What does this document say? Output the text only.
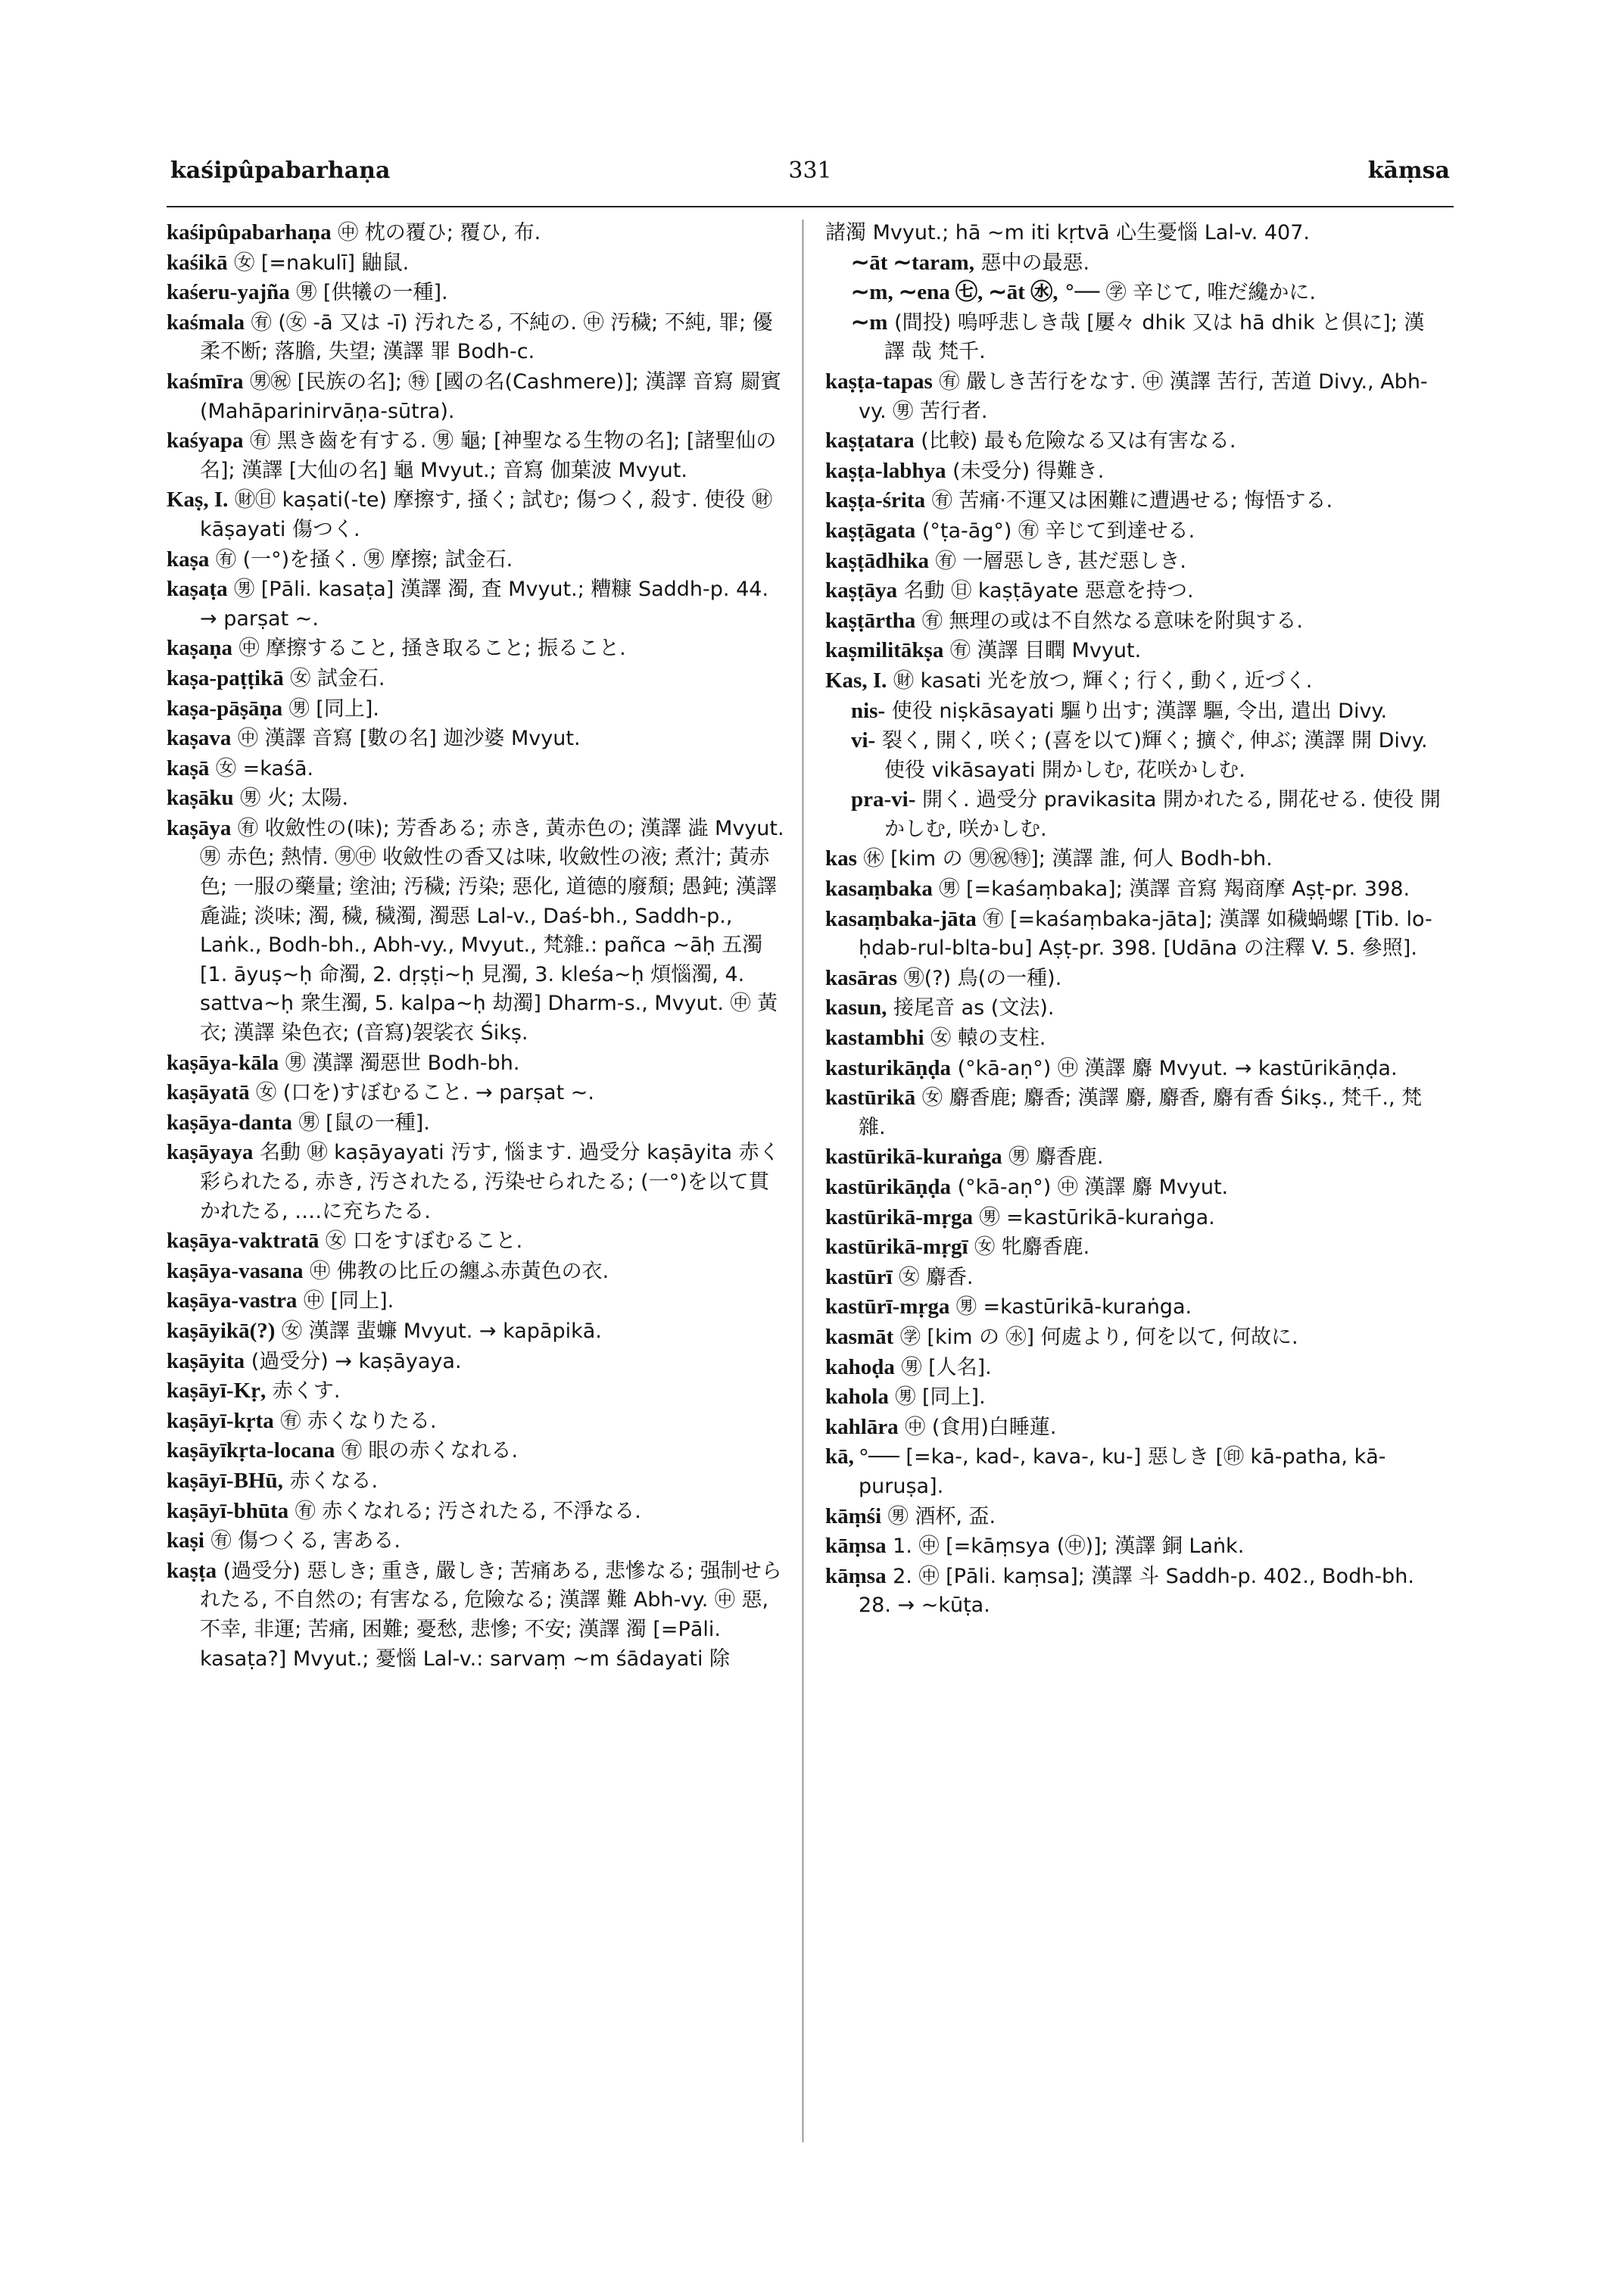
kaśipûpabarhaṇa	331	kāṃsa

kaśipûpabarhaṇa ㊥ 枕の覆ひ; 覆ひ, 布.

kaśikā ㊛ [=nakulī] 鼬鼠.

kaśeru-yajña ㊚ [供犧の一種].

kaśmala ㊒ (㊛ -ā 又は -ī) 汚れたる, 不純の. ㊥ 汚穢; 不純, 罪; 優柔不断; 落膽, 失望; 漢譯 罪 Bodh-c.

kaśmīra ㊚㊗ [民族の名]; ㊕ [國の名(Cashmere)]; 漢譯 音寫 罽賓 (Mahāparinirvāṇa-sūtra).

kaśyapa ㊒ 黑き齒を有する. ㊚ 龜; [神聖なる生物の名]; [諸聖仙の名]; 漢譯 [大仙の名] 龜 Mvyut.; 音寫 伽葉波 Mvyut.

Kaṣ, I. ㊖㊐ kaṣati(-te) 摩擦す, 掻く; 試む; 傷つく, 殺す. 使役 ㊖ kāṣayati 傷つく.

kaṣa ㊒ (一°)を掻く. ㊚ 摩擦; 試金石.

kaṣaṭa ㊚ [Pāli. kasaṭa] 漢譯 濁, 査 Mvyut.; 糟糠 Saddh-p. 44. → parṣat ∼.

kaṣaṇa ㊥ 摩擦すること, 掻き取ること; 振ること.

kaṣa-paṭṭikā ㊛ 試金石.

kaṣa-pāṣāṇa ㊚ [同上].

kaṣava ㊥ 漢譯 音寫 [數の名] 迦沙婆 Mvyut.

kaṣā ㊛ =kaśā.

kaṣāku ㊚ 火; 太陽.

kaṣāya ㊒ 收斂性の(味); 芳香ある; 赤き, 黃赤色の; 漢譯 澁 Mvyut. ㊚ 赤色; 熱情. ㊚㊥ 收斂性の香又は味, 收斂性の液; 煮汁; 黃赤色; 一服の藥量; 塗油; 汚穢; 汚染; 惡化, 道德的廢頽; 愚鈍; 漢譯 麁澁; 淡味; 濁, 穢, 穢濁, 濁惡 Lal-v., Daś-bh., Saddh-p., Laṅk., Bodh-bh., Abh-vy., Mvyut., 梵雜.: pañca ∼āḥ 五濁 [1. āyuṣ∼ḥ 命濁, 2. dṛṣṭi∼ḥ 見濁, 3. kleśa∼ḥ 煩惱濁, 4. sattva∼ḥ 衆生濁, 5. kalpa∼ḥ 劫濁] Dharm-s., Mvyut. ㊥ 黃衣; 漢譯 染色衣; (音寫)袈裟衣 Śikṣ.

kaṣāya-kāla ㊚ 漢譯 濁惡世 Bodh-bh.

kaṣāyatā ㊛ (口を)すぼむること. → parṣat ∼.

kaṣāya-danta ㊚ [鼠の一種].

kaṣāyaya 名動 ㊖ kaṣāyayati 汚す, 惱ます. 過受分 kaṣāyita 赤く彩られたる, 赤き, 汚されたる, 汚染せられたる; (一°)を以て貫かれたる, ‥‥に充ちたる.

kaṣāya-vaktratā ㊛ 口をすぼむること.

kaṣāya-vasana ㊥ 佛教の比丘の纏ふ赤黃色の衣.

kaṣāya-vastra ㊥ [同上].

kaṣāyikā(?) ㊛ 漢譯 蜚蠊 Mvyut. → kapāpikā.

kaṣāyita (過受分) → kaṣāyaya.

kaṣāyī-Kṛ, 赤くす.

kaṣāyī-kṛta ㊒ 赤くなりたる.

kaṣāyīkṛta-locana ㊒ 眼の赤くなれる.

kaṣāyī-BHū, 赤くなる.

kaṣāyī-bhūta ㊒ 赤くなれる; 汚されたる, 不淨なる.

kaṣi ㊒ 傷つくる, 害ある.

kaṣṭa (過受分) 惡しき; 重き, 嚴しき; 苦痛ある, 悲慘なる; 强制せられたる, 不自然の; 有害なる, 危險なる; 漢譯 難 Abh-vy. ㊥ 惡, 不幸, 非運; 苦痛, 困難; 憂愁, 悲慘; 不安; 漢譯 濁 [=Pāli. kasaṭa?] Mvyut.; 憂惱 Lal-v.: sarvaṃ ∼m śādayati 除

諸濁 Mvyut.; hā ∼m iti kṛtvā 心生憂惱 Lal-v. 407.

∼āt ∼taram, 惡中の最惡.

∼m, ∼ena ㊆, ∼āt ㊌, °── ㊫ 辛じて, 唯だ纔かに.

∼m (間投) 嗚呼悲しき哉 [屢々 dhik 又は hā dhik と倶に]; 漢譯 哉 梵千.

kaṣṭa-tapas ㊒ 嚴しき苦行をなす. ㊥ 漢譯 苦行, 苦道 Divy., Abh-vy. ㊚ 苦行者.

kaṣṭatara (比較) 最も危險なる又は有害なる.

kaṣṭa-labhya (未受分) 得難き.

kaṣṭa-śrita ㊒ 苦痛·不運又は困難に遭遇せる; 悔悟する.

kaṣṭāgata (°ṭa-āg°) ㊒ 辛じて到達せる.

kaṣṭādhika ㊒ 一層惡しき, 甚だ惡しき.

kaṣṭāya 名動 ㊐ kaṣṭāyate 惡意を持つ.

kaṣṭārtha ㊒ 無理の或は不自然なる意味を附與する.

kaṣmilitākṣa ㊒ 漢譯 目瞤 Mvyut.

Kas, I. ㊖ kasati 光を放つ, 輝く; 行く, 動く, 近づく.

nis- 使役 niṣkāsayati 驅り出す; 漢譯 驅, 令出, 遣出 Divy.

vi- 裂く, 開く, 咲く; (喜を以て)輝く; 擴ぐ, 伸ぶ; 漢譯 開 Divy. 使役 vikāsayati 開かしむ, 花咲かしむ.

pra-vi- 開く. 過受分 pravikasita 開かれたる, 開花せる. 使役 開かしむ, 咲かしむ.

kas ㊡ [kim の ㊚㊗㊕]; 漢譯 誰, 何人 Bodh-bh.

kasaṃbaka ㊚ [=kaśaṃbaka]; 漢譯 音寫 羯商摩 Aṣṭ-pr. 398.

kasaṃbaka-jāta ㊒ [=kaśaṃbaka-jāta]; 漢譯 如穢蝸螺 [Tib. lo-ḥdab-rul-blta-bu] Aṣṭ-pr. 398. [Udāna の注釋 V. 5. 參照].

kasāras ㊚(?) 鳥(の一種).

kasun, 接尾音 as (文法).

kastambhi ㊛ 轅の支柱.

kasturikāṇḍa (°kā-aṇ°) ㊥ 漢譯 麝 Mvyut. → kastūrikāṇḍa.

kastūrikā ㊛ 麝香鹿; 麝香; 漢譯 麝, 麝香, 麝有香 Śikṣ., 梵千., 梵雜.

kastūrikā-kuraṅga ㊚ 麝香鹿.

kastūrikāṇḍa (°kā-aṇ°) ㊥ 漢譯 麝 Mvyut.

kastūrikā-mṛga ㊚ =kastūrikā-kuraṅga.

kastūrikā-mṛgī ㊛ 牝麝香鹿.

kastūrī ㊛ 麝香.

kastūrī-mṛga ㊚ =kastūrikā-kuraṅga.

kasmāt ㊫ [kim の ㊌] 何處より, 何を以て, 何故に.

kahoḍa ㊚ [人名].

kahola ㊚ [同上].

kahlāra ㊥ (食用)白睡蓮.

kā, °── [=ka-, kad-, kava-, ku-] 惡しき [㊞ kā-patha, kā-puruṣa].

kāṃśi ㊚ 酒杯, 盃.

kāṃsa 1. ㊥ [=kāṃsya (㊥)]; 漢譯 銅 Laṅk.

kāṃsa 2. ㊥ [Pāli. kaṃsa]; 漢譯 斗 Saddh-p. 402., Bodh-bh. 28. → ∼kūṭa.
